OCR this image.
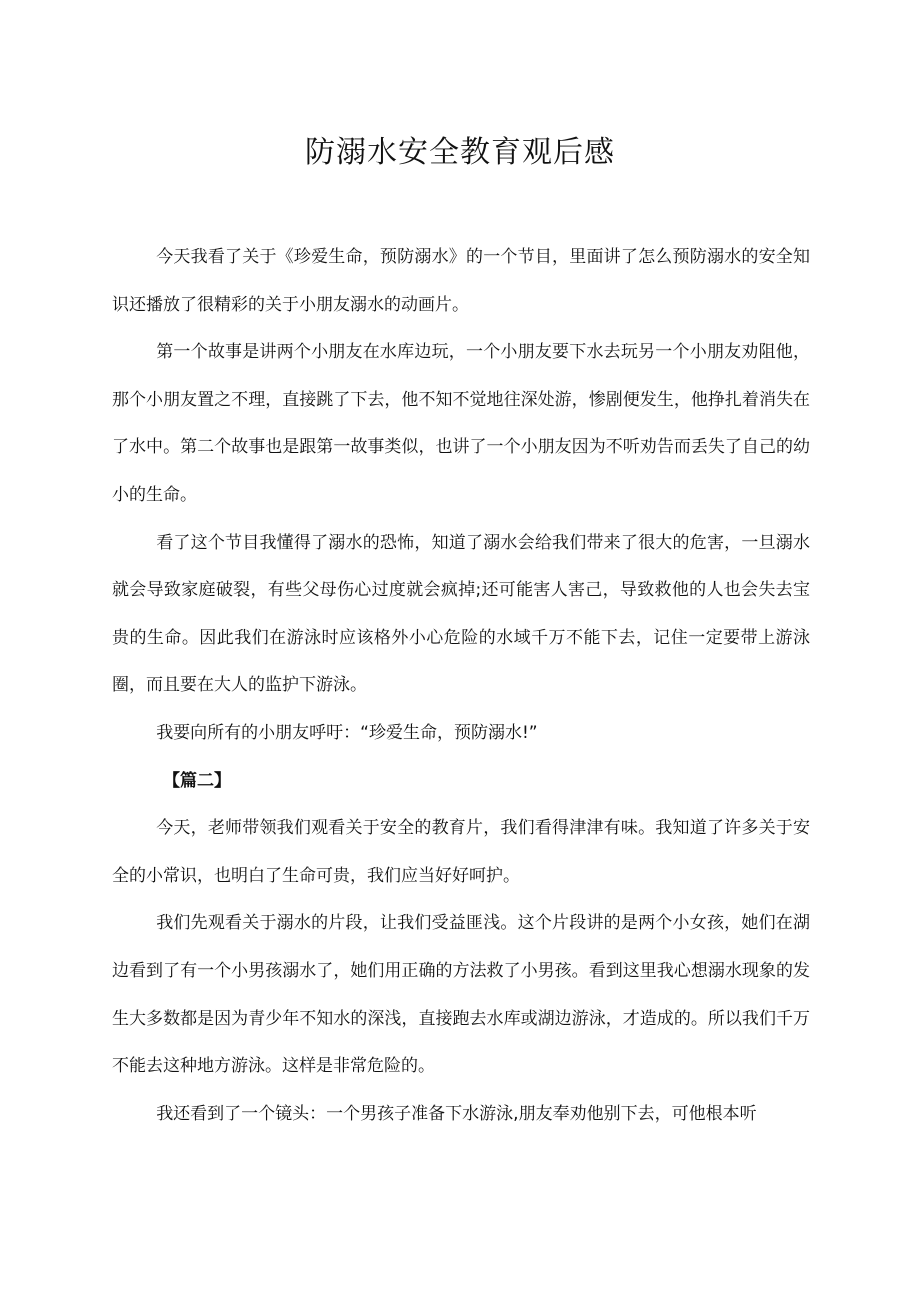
防溺水安全教育观后感

今天我看了关于《珍爱生命，预防溺水》的一个节目，里面讲了怎么预防溺水的安全知识还播放了很精彩的关于小朋友溺水的动画片。

第一个故事是讲两个小朋友在水库边玩，一个小朋友要下水去玩另一个小朋友劝阻他，那个小朋友置之不理，直接跳了下去，他不知不觉地往深处游，惨剧便发生，他挣扎着消失在了水中。第二个故事也是跟第一故事类似，也讲了一个小朋友因为不听劝告而丢失了自己的幼小的生命。

看了这个节目我懂得了溺水的恐怖，知道了溺水会给我们带来了很大的危害，一旦溺水就会导致家庭破裂，有些父母伤心过度就会疯掉;还可能害人害己，导致救他的人也会失去宝贵的生命。因此我们在游泳时应该格外小心危险的水域千万不能下去，记住一定要带上游泳圈，而且要在大人的监护下游泳。

我要向所有的小朋友呼吁：“珍爱生命，预防溺水!”

【篇二】

今天，老师带领我们观看关于安全的教育片，我们看得津津有味。我知道了许多关于安全的小常识，也明白了生命可贵，我们应当好好呵护。

我们先观看关于溺水的片段，让我们受益匪浅。这个片段讲的是两个小女孩，她们在湖边看到了有一个小男孩溺水了，她们用正确的方法救了小男孩。看到这里我心想溺水现象的发生大多数都是因为青少年不知水的深浅，直接跑去水库或湖边游泳，才造成的。所以我们千万不能去这种地方游泳。这样是非常危险的。

我还看到了一个镜头：一个男孩子准备下水游泳,朋友奉劝他别下去，可他根本听
